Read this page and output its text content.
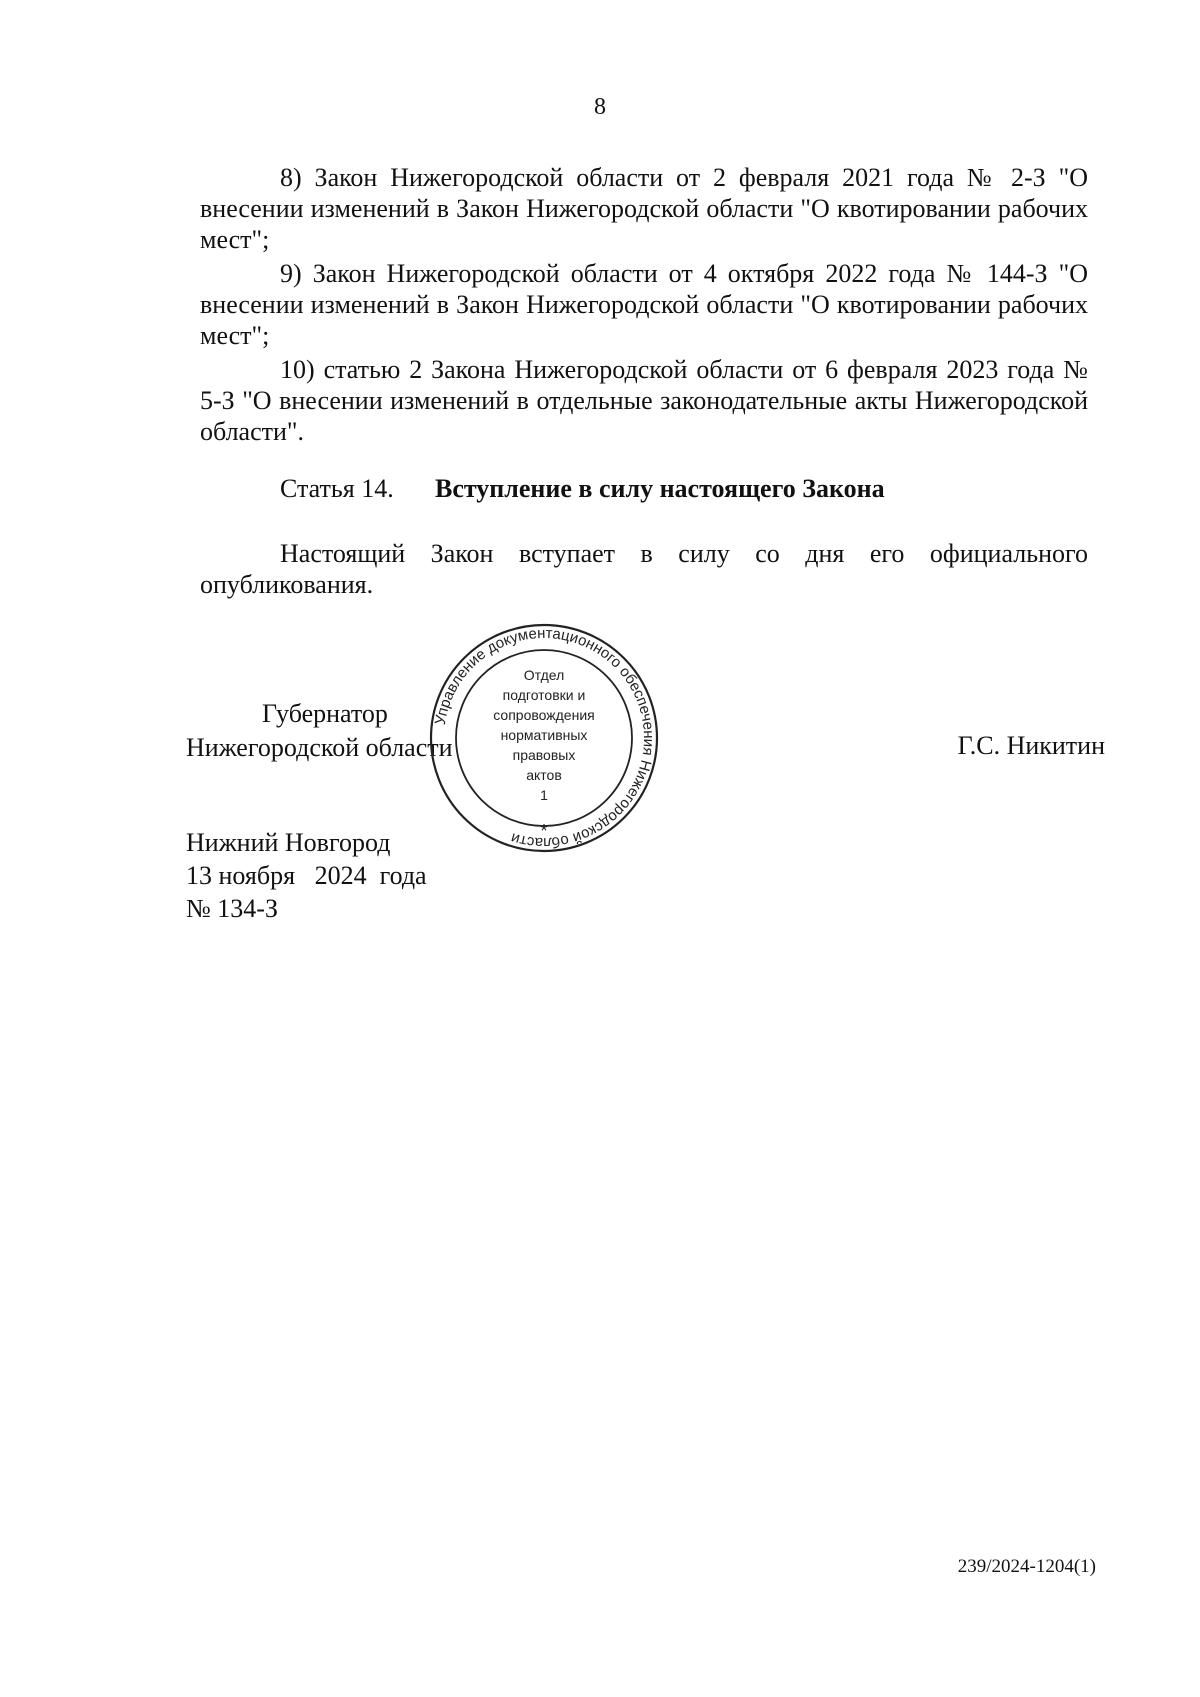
8

8) Закон Нижегородской области от 2 февраля 2021 года № 2-З "О внесении изменений в Закон Нижегородской области "О квотировании рабочих мест";

9) Закон Нижегородской области от 4 октября 2022 года № 144-З "О внесении изменений в Закон Нижегородской области "О квотировании рабочих мест";

10) статью 2 Закона Нижегородской области от 6 февраля 2023 года № 5-З "О внесении изменений в отдельные законодательные акты Нижегородской области".

Статья 14. Вступление в силу настоящего Закона

Настоящий Закон вступает в силу со дня его официального опубликования.

Губернатор
Нижегородской области	Г.С. Никитин
Нижний Новгород
13 ноября   2024  года
№ 134-З
Управление документационного обеспечения Нижегородской области
Отдел
подготовки и
сопровождения
нормативных
правовых
актов
1
*
239/2024-1204(1)
